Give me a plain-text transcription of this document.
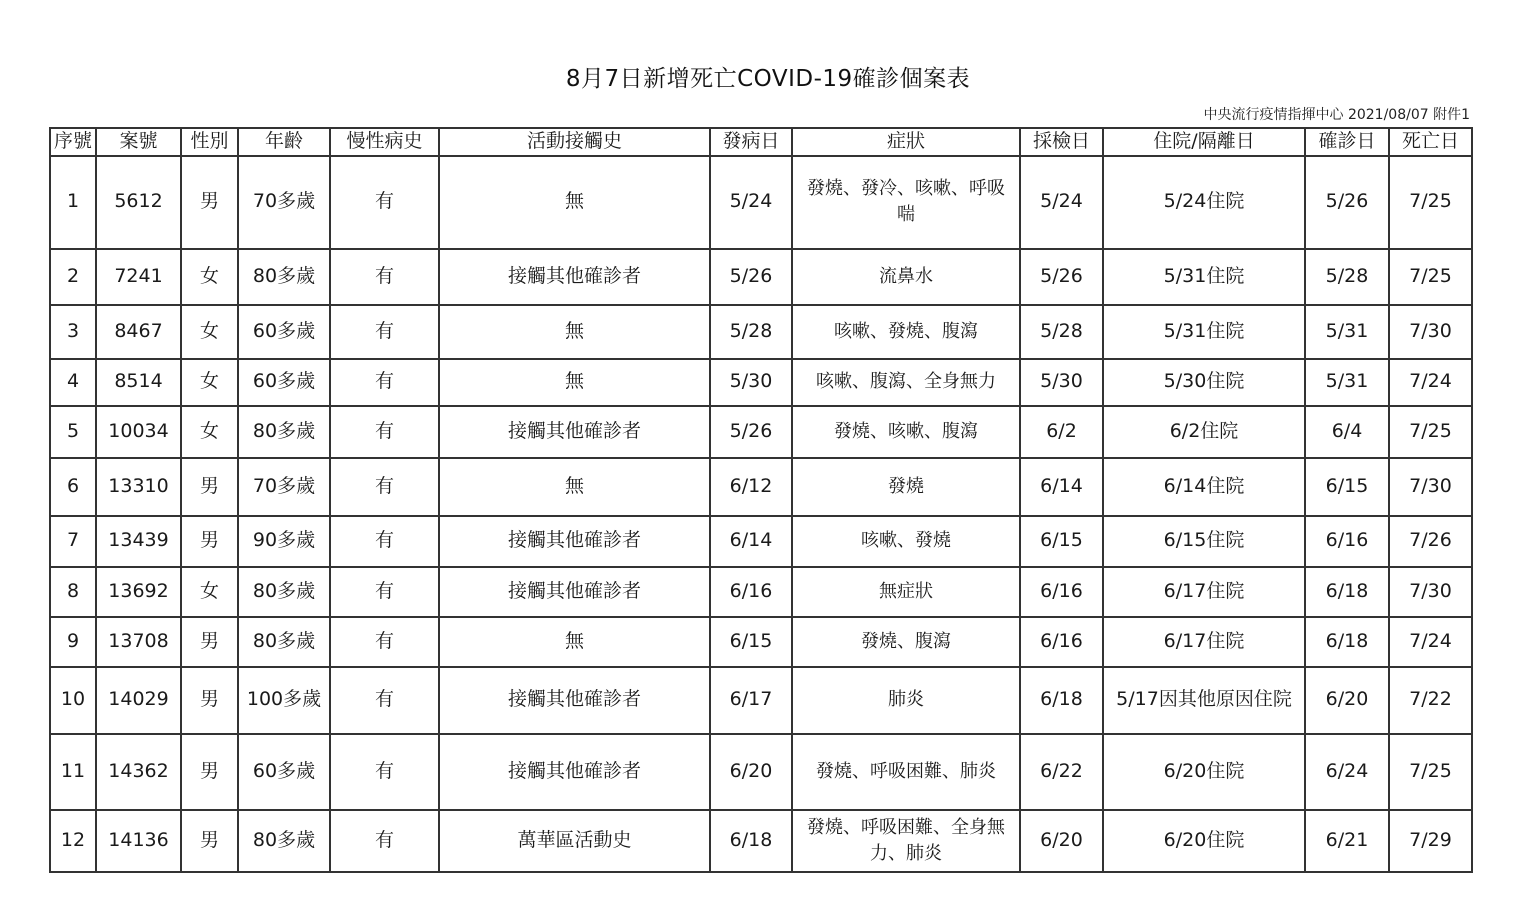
8月7日新增死亡COVID-19確診個案表
中央流行疫情指揮中心 2021/08/07 附件1
序號	案號	性別	年齡	慢性病史	活動接觸史	發病日	症狀	採檢日	住院/隔離日	確診日	死亡日
1	5612	男	70多歲	有	無	5/24	發燒、發冷、咳嗽、呼吸喘	5/24	5/24住院	5/26	7/25
2	7241	女	80多歲	有	接觸其他確診者	5/26	流鼻水	5/26	5/31住院	5/28	7/25
3	8467	女	60多歲	有	無	5/28	咳嗽、發燒、腹瀉	5/28	5/31住院	5/31	7/30
4	8514	女	60多歲	有	無	5/30	咳嗽、腹瀉、全身無力	5/30	5/30住院	5/31	7/24
5	10034	女	80多歲	有	接觸其他確診者	5/26	發燒、咳嗽、腹瀉	6/2	6/2住院	6/4	7/25
6	13310	男	70多歲	有	無	6/12	發燒	6/14	6/14住院	6/15	7/30
7	13439	男	90多歲	有	接觸其他確診者	6/14	咳嗽、發燒	6/15	6/15住院	6/16	7/26
8	13692	女	80多歲	有	接觸其他確診者	6/16	無症狀	6/16	6/17住院	6/18	7/30
9	13708	男	80多歲	有	無	6/15	發燒、腹瀉	6/16	6/17住院	6/18	7/24
10	14029	男	100多歲	有	接觸其他確診者	6/17	肺炎	6/18	5/17因其他原因住院	6/20	7/22
11	14362	男	60多歲	有	接觸其他確診者	6/20	發燒、呼吸困難、肺炎	6/22	6/20住院	6/24	7/25
12	14136	男	80多歲	有	萬華區活動史	6/18	發燒、呼吸困難、全身無力、肺炎	6/20	6/20住院	6/21	7/29
